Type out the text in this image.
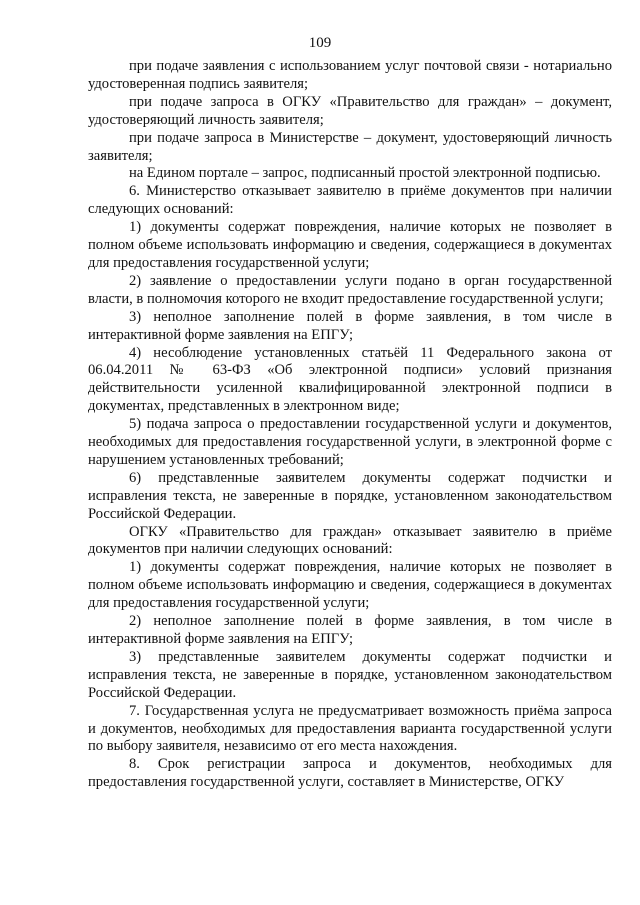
109

при подаче заявления с использованием услуг почтовой связи - нотариально удостоверенная подпись заявителя;

при подаче запроса в ОГКУ «Правительство для граждан» – документ, удостоверяющий личность заявителя;

при подаче запроса в Министерстве – документ, удостоверяющий личность заявителя;

на Едином портале – запрос, подписанный простой электронной подписью.

6. Министерство отказывает заявителю в приёме документов при наличии следующих оснований:

1) документы содержат повреждения, наличие которых не позволяет в полном объеме использовать информацию и сведения, содержащиеся в документах для предоставления государственной услуги;

2) заявление о предоставлении услуги подано в орган государственной власти, в полномочия которого не входит предоставление государственной услуги;

3) неполное заполнение полей в форме заявления, в том числе в интерактивной форме заявления на ЕПГУ;

4) несоблюдение установленных статьёй 11 Федерального закона от 06.04.2011 № 63-ФЗ «Об электронной подписи» условий признания действительности усиленной квалифицированной электронной подписи в документах, представленных в электронном виде;

5) подача запроса о предоставлении государственной услуги и документов, необходимых для предоставления государственной услуги, в электронной форме с нарушением установленных требований;

6) представленные заявителем документы содержат подчистки и исправления текста, не заверенные в порядке, установленном законодательством Российской Федерации.

ОГКУ «Правительство для граждан» отказывает заявителю в приёме документов при наличии следующих оснований:

1) документы содержат повреждения, наличие которых не позволяет в полном объеме использовать информацию и сведения, содержащиеся в документах для предоставления государственной услуги;

2) неполное заполнение полей в форме заявления, в том числе в интерактивной форме заявления на ЕПГУ;

3) представленные заявителем документы содержат подчистки и исправления текста, не заверенные в порядке, установленном законодательством Российской Федерации.

7. Государственная услуга не предусматривает возможность приёма запроса и документов, необходимых для предоставления варианта государственной услуги по выбору заявителя, независимо от его места нахождения.

8. Срок регистрации запроса и документов, необходимых для предоставления государственной услуги, составляет в Министерстве, ОГКУ
